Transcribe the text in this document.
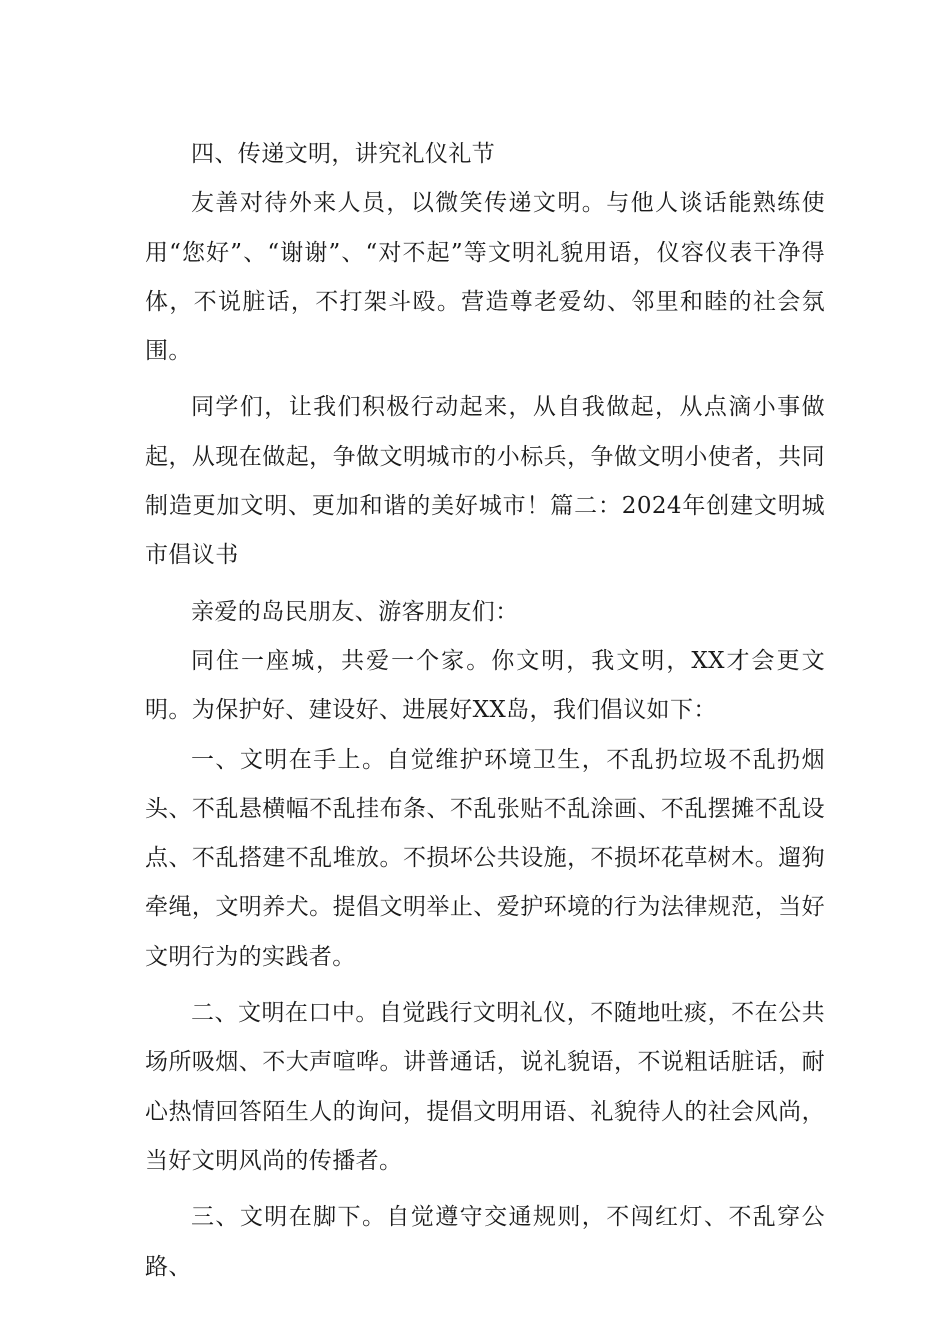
四、传递文明，讲究礼仪礼节

友善对待外来人员，以微笑传递文明。与他人谈话能熟练使用“您好”、“谢谢”、“对不起”等文明礼貌用语，仪容仪表干净得体，不说脏话，不打架斗殴。营造尊老爱幼、邻里和睦的社会氛围。

同学们，让我们积极行动起来，从自我做起，从点滴小事做起，从现在做起，争做文明城市的小标兵，争做文明小使者，共同制造更加文明、更加和谐的美好城市！篇二：2024年创建文明城市倡议书

亲爱的岛民朋友、游客朋友们：

同住一座城，共爱一个家。你文明，我文明，XX才会更文明。为保护好、建设好、进展好XX岛，我们倡议如下：

一、文明在手上。自觉维护环境卫生，不乱扔垃圾不乱扔烟头、不乱悬横幅不乱挂布条、不乱张贴不乱涂画、不乱摆摊不乱设点、不乱搭建不乱堆放。不损坏公共设施，不损坏花草树木。遛狗牵绳，文明养犬。提倡文明举止、爱护环境的行为法律规范，当好文明行为的实践者。

二、文明在口中。自觉践行文明礼仪，不随地吐痰，不在公共场所吸烟、不大声喧哗。讲普通话，说礼貌语，不说粗话脏话，耐心热情回答陌生人的询问，提倡文明用语、礼貌待人的社会风尚，当好文明风尚的传播者。

三、文明在脚下。自觉遵守交通规则，不闯红灯、不乱穿公路、
